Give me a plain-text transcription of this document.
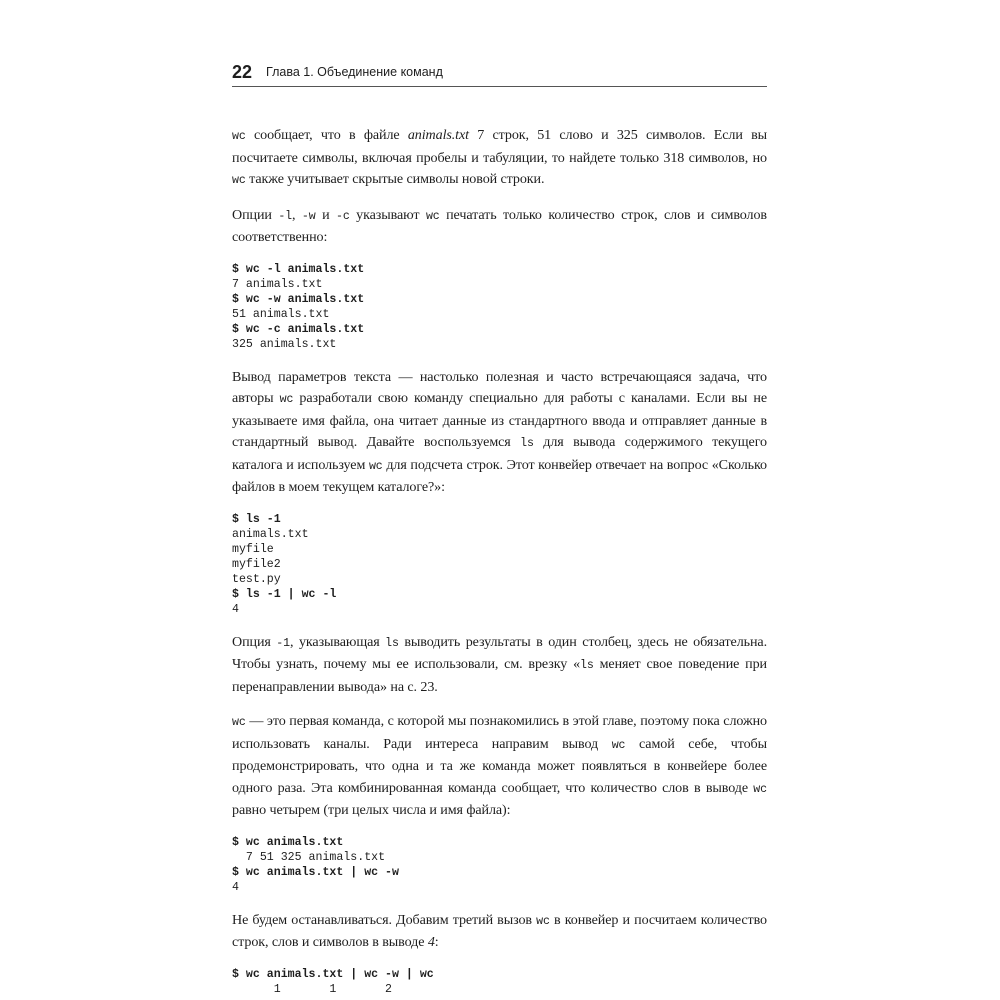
22 Глава 1. Объединение команд

wc сообщает, что в файле animals.txt 7 строк, 51 слово и 325 символов. Если вы посчитаете символы, включая пробелы и табуляции, то найдете только 318 символов, но wc также учитывает скрытые символы новой строки.

Опции -l, -w и -c указывают wc печатать только количество строк, слов и символов соответственно:

$ wc -l animals.txt
7 animals.txt
$ wc -w animals.txt
51 animals.txt
$ wc -c animals.txt
325 animals.txt

Вывод параметров текста — настолько полезная и часто встречающаяся задача, что авторы wc разработали свою команду специально для работы с каналами. Если вы не указываете имя файла, она читает данные из стандартного ввода и отправляет данные в стандартный вывод. Давайте воспользуемся ls для вывода содержимого текущего каталога и используем wc для подсчета строк. Этот конвейер отвечает на вопрос «Сколько файлов в моем текущем каталоге?»:

$ ls -1
animals.txt
myfile
myfile2
test.py
$ ls -1 | wc -l
4

Опция -1, указывающая ls выводить результаты в один столбец, здесь не обязательна. Чтобы узнать, почему мы ее использовали, см. врезку «ls меняет свое поведение при перенаправлении вывода» на с. 23.

wc — это первая команда, с которой мы познакомились в этой главе, поэтому пока сложно использовать каналы. Ради интереса направим вывод wc самой себе, чтобы продемонстрировать, что одна и та же команда может появляться в конвейере более одного раза. Эта комбинированная команда сообщает, что количество слов в выводе wc равно четырем (три целых числа и имя файла):

$ wc animals.txt
7 51 325 animals.txt
$ wc animals.txt | wc -w
4

Не будем останавливаться. Добавим третий вызов wc в конвейер и посчитаем количество строк, слов и символов в выводе 4:

$ wc animals.txt | wc -w | wc
1       1       2
